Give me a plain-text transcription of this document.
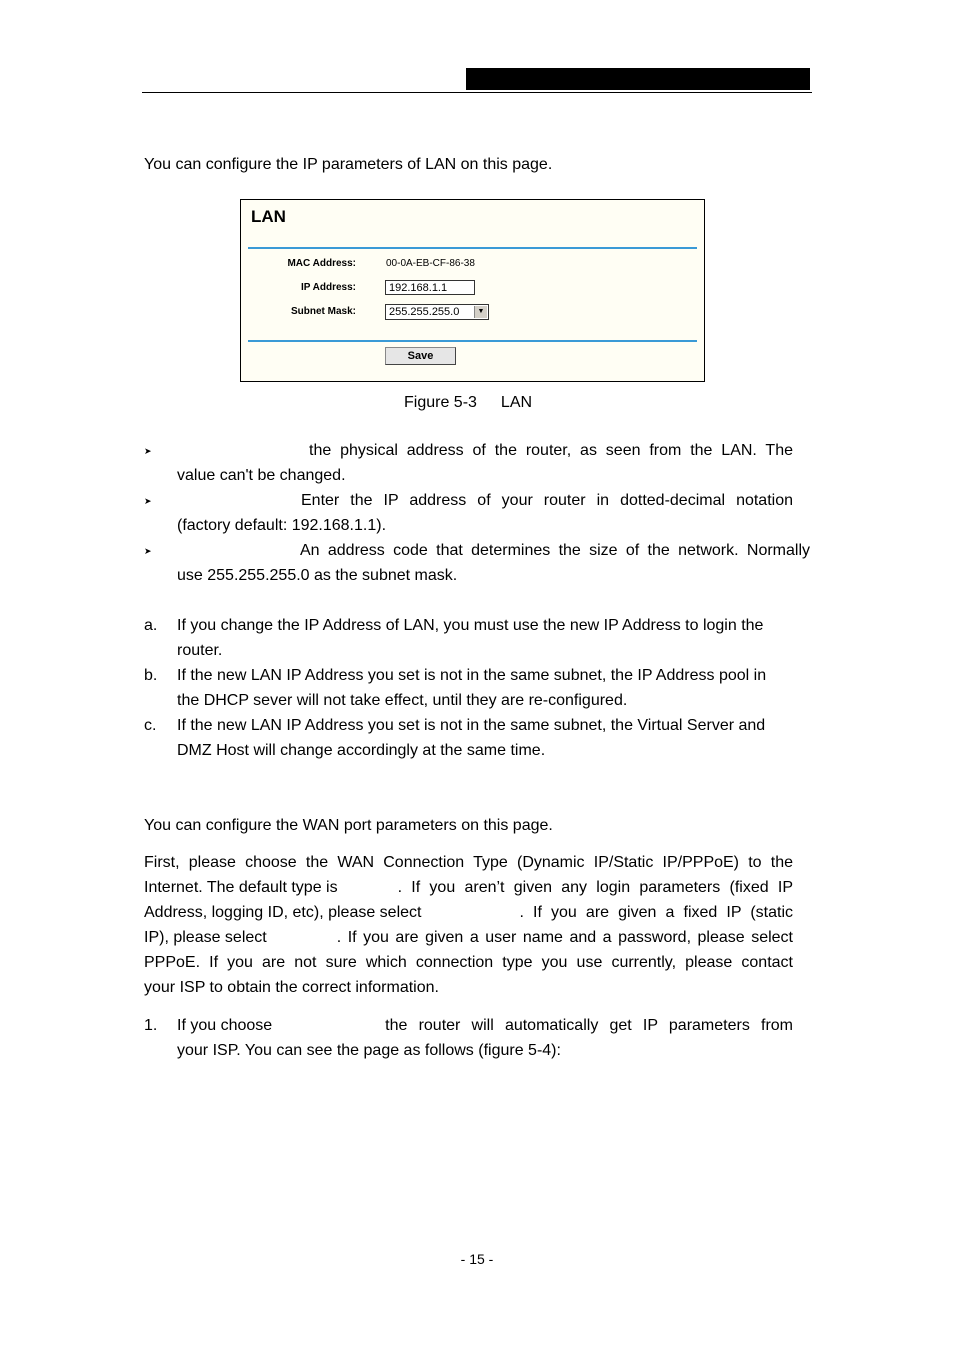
You can configure the IP parameters of LAN on this page.
LAN
MAC Address:	00-0A-EB-CF-86-38
IP Address:
192.168.1.1
Subnet Mask:	255.255.255.0	▼
Save
Figure 5-3 LAN
➤	the physical address of the router, as seen from the LAN. The
value can't be changed.
➤	Enter the IP address of your router in dotted-decimal notation
(factory default: 192.168.1.1).
➤	An address code that determines the size of the network. Normally
use 255.255.255.0 as the subnet mask.
a. If you change the IP Address of LAN, you must use the new IP Address to login the
router.
b. If the new LAN IP Address you set is not in the same subnet, the IP Address pool in
the DHCP sever will not take effect, until they are re-configured.
c. If the new LAN IP Address you set is not in the same subnet, the Virtual Server and
DMZ Host will change accordingly at the same time.
You can configure the WAN port parameters on this page.
First, please choose the WAN Connection Type (Dynamic IP/Static IP/PPPoE) to the
Internet. The default type is	. If you aren’t given any login parameters (fixed IP
Address, logging ID, etc), please select	. If you are given a fixed IP (static
IP), please select	. If you are given a user name and a password, please select
PPPoE. If you are not sure which connection type you use currently, please contact
your ISP to obtain the correct information.
1. If you choose	the router will automatically get IP parameters from
your ISP. You can see the page as follows (figure 5-4):
- 15 -
